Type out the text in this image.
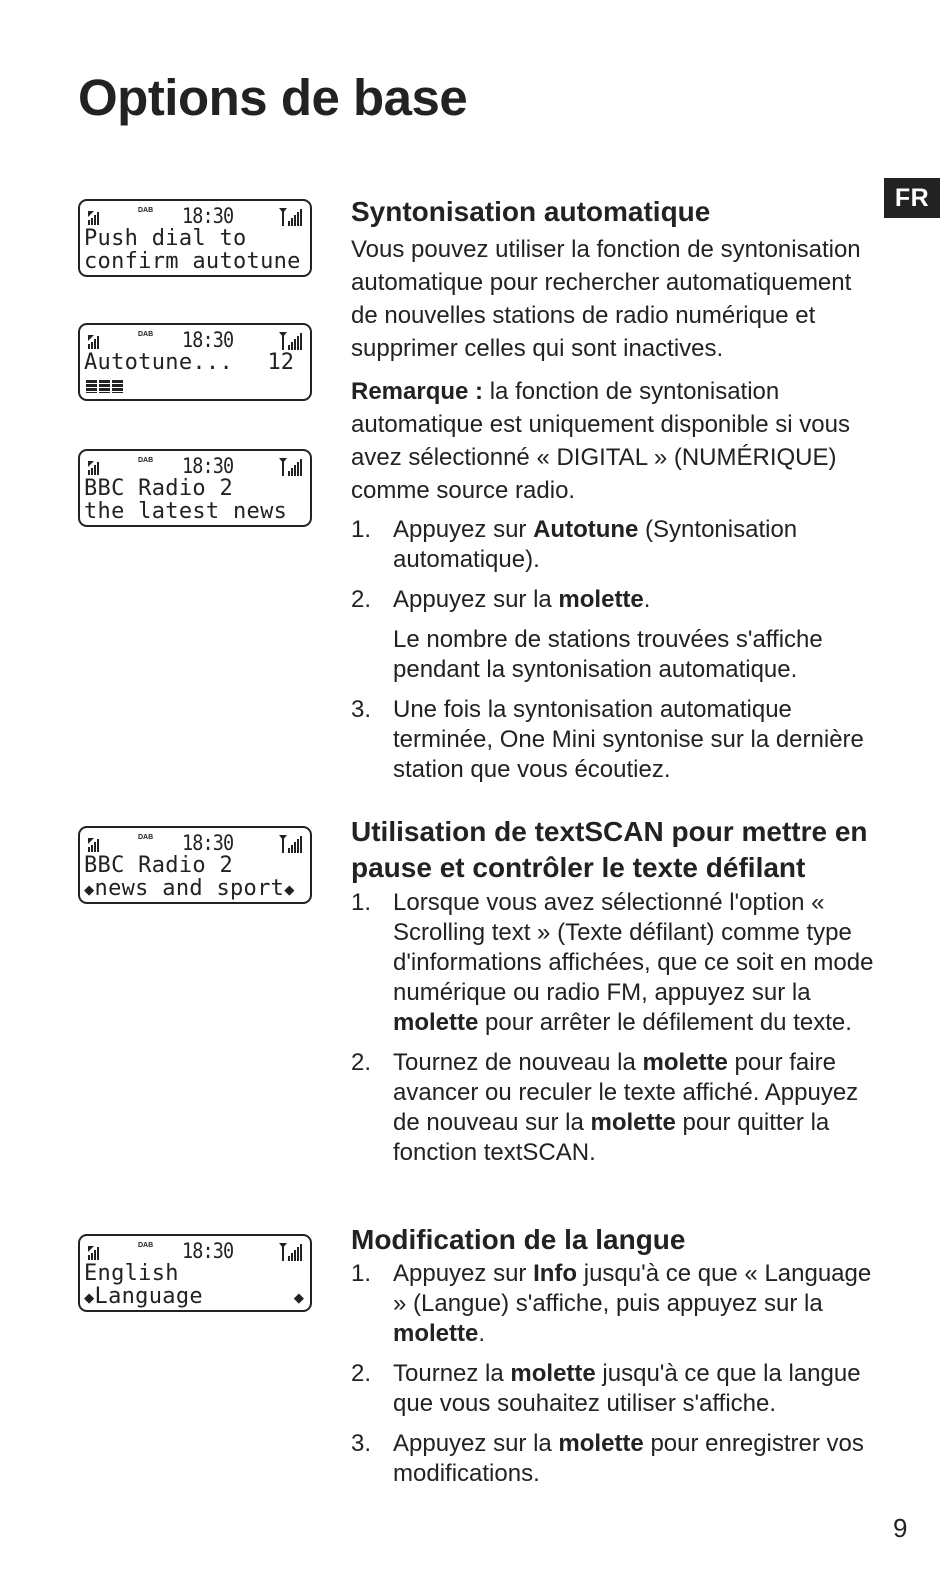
Options de base
FR
DAB 18:30
Push dial to
confirm autotune
DAB 18:30
Autotune... 12
DAB 18:30
BBC Radio 2
the latest news
DAB 18:30
BBC Radio 2
◆news and sport◆
DAB 18:30
English
◆Language	◆
Syntonisation automatique

Vous pouvez utiliser la fonction de syntonisation automatique pour rechercher automatiquement de nouvelles stations de radio numérique et supprimer celles qui sont inactives.

Remarque : la fonction de syntonisation automatique est uniquement disponible si vous avez sélectionné « DIGITAL » (NUMÉRIQUE) comme source radio.

1. Appuyez sur Autotune (Syntonisation automatique).
2. Appuyez sur la molette.
Le nombre de stations trouvées s'affiche pendant la syntonisation automatique.
3. Une fois la syntonisation automatique terminée, One Mini syntonise sur la dernière station que vous écoutiez.
Utilisation de textSCAN pour mettre en pause et contrôler le texte défilant
1. Lorsque vous avez sélectionné l'option « Scrolling text » (Texte défilant) comme type d'informations affichées, que ce soit en mode numérique ou radio FM, appuyez sur la molette pour arrêter le défilement du texte.
2. Tournez de nouveau la molette pour faire avancer ou reculer le texte affiché. Appuyez de nouveau sur la molette pour quitter la fonction textSCAN.
Modification de la langue
1. Appuyez sur Info jusqu'à ce que « Language » (Langue) s'affiche, puis appuyez sur la molette.
2. Tournez la molette jusqu'à ce que la langue que vous souhaitez utiliser s'affiche.
3. Appuyez sur la molette pour enregistrer vos modifications.
9
